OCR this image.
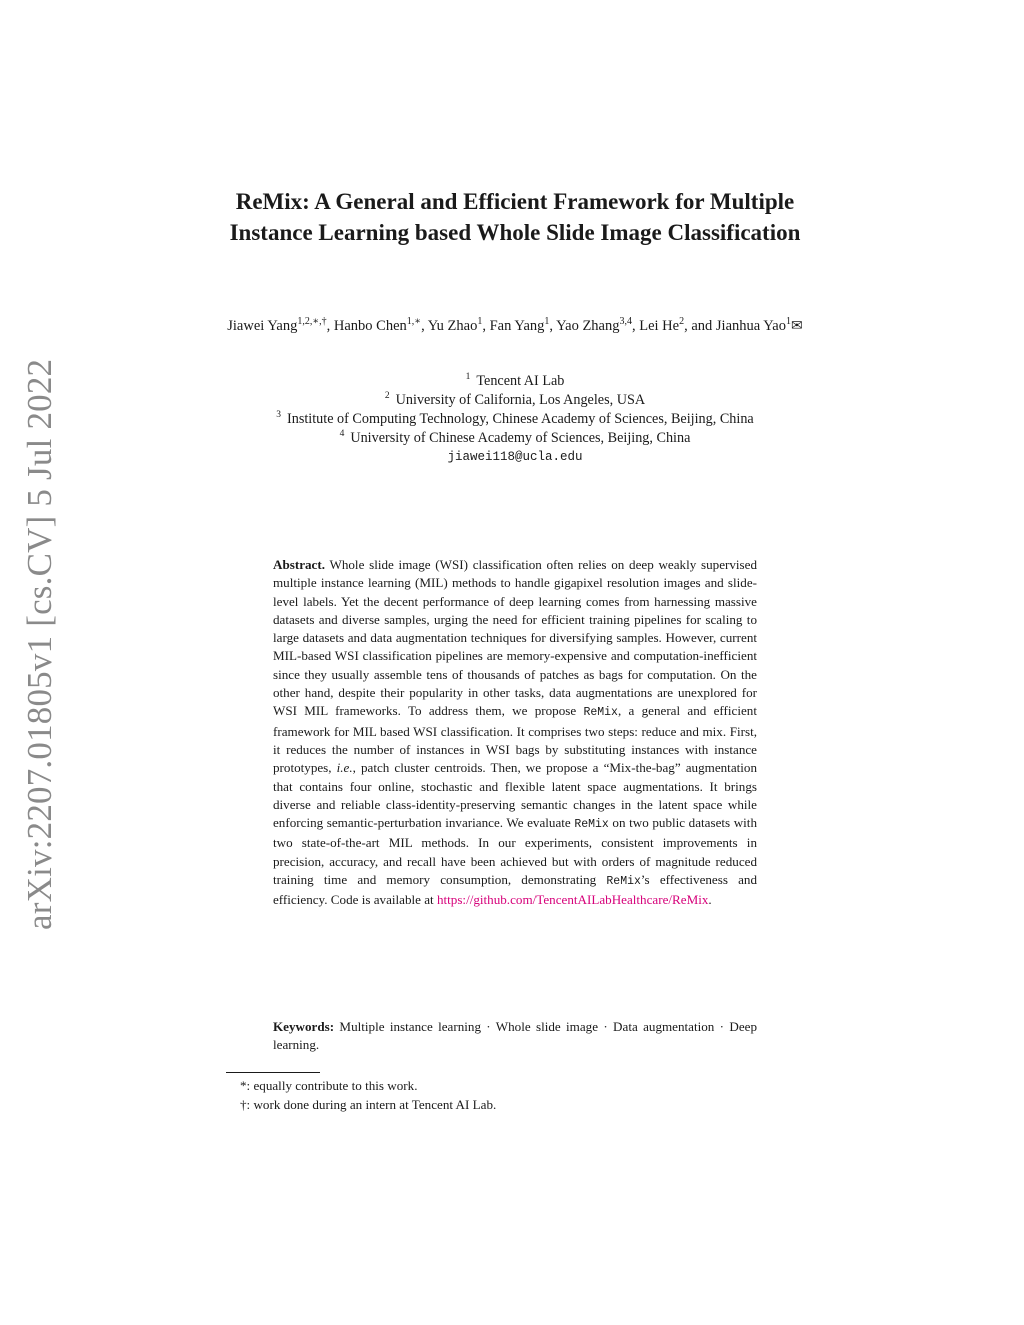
arXiv:2207.01805v1 [cs.CV] 5 Jul 2022
ReMix: A General and Efficient Framework for Multiple Instance Learning based Whole Slide Image Classification
Jiawei Yang$^{1,2,∗,\dagger}$, Hanbo Chen$^{1,∗}$, Yu Zhao$^1$, Fan Yang$^1$, Yao Zhang$^{3,4}$, Lei He$^2$, and Jianhua Yao$^1$✉
$^1$ Tencent AI Lab
$^2$ University of California, Los Angeles, USA
$^3$ Institute of Computing Technology, Chinese Academy of Sciences, Beijing, China
$^4$ University of Chinese Academy of Sciences, Beijing, China
jiawei118@ucla.edu
Abstract. Whole slide image (WSI) classification often relies on deep weakly supervised multiple instance learning (MIL) methods to handle gigapixel resolution images and slide-level labels. Yet the decent performance of deep learning comes from harnessing massive datasets and diverse samples, urging the need for efficient training pipelines for scaling to large datasets and data augmentation techniques for diversifying samples. However, current MIL-based WSI classification pipelines are memory-expensive and computation-inefficient since they usually assemble tens of thousands of patches as bags for computation. On the other hand, despite their popularity in other tasks, data augmentations are unexplored for WSI MIL frameworks. To address them, we propose ReMix, a general and efficient framework for MIL based WSI classification. It comprises two steps: reduce and mix. First, it reduces the number of instances in WSI bags by substituting instances with instance prototypes, i.e., patch cluster centroids. Then, we propose a “Mix-the-bag” augmentation that contains four online, stochastic and flexible latent space augmentations. It brings diverse and reliable class-identity-preserving semantic changes in the latent space while enforcing semantic-perturbation invariance. We evaluate ReMix on two public datasets with two state-of-the-art MIL methods. In our experiments, consistent improvements in precision, accuracy, and recall have been achieved but with orders of magnitude reduced training time and memory consumption, demonstrating ReMix’s effectiveness and efficiency. Code is available at https://github.com/TencentAILabHealthcare/ReMix.
Keywords: Multiple instance learning · Whole slide image · Data augmentation · Deep learning.
*: equally contribute to this work.
†: work done during an intern at Tencent AI Lab.
